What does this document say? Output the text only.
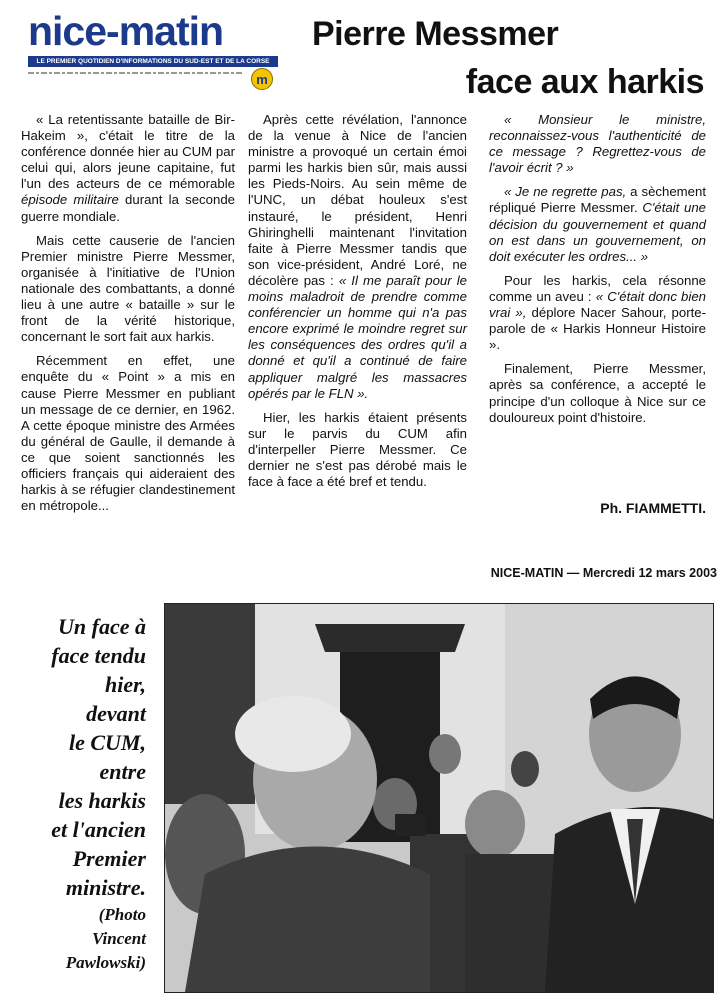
nice-matin
LE PREMIER QUOTIDIEN D'INFORMATIONS DU SUD-EST ET DE LA CORSE
m
Pierre Messmer
face aux harkis

« La retentissante bataille de Bir-Hakeim », c'était le titre de la conférence donnée hier au CUM par celui qui, alors jeune capitaine, fut l'un des acteurs de ce mémorable épisode militaire durant la seconde guerre mondiale.

Mais cette causerie de l'ancien Premier ministre Pierre Messmer, organisée à l'initiative de l'Union nationale des combattants, a donné lieu à une autre « bataille » sur le front de la vérité historique, concernant le sort fait aux harkis.

Récemment en effet, une enquête du « Point » a mis en cause Pierre Messmer en publiant un message de ce dernier, en 1962. A cette époque ministre des Armées du général de Gaulle, il demande à ce que soient sanctionnés les officiers français qui aideraient des harkis à se réfugier clandestinement en métropole...

Après cette révélation, l'annonce de la venue à Nice de l'ancien ministre a provoqué un certain émoi parmi les harkis bien sûr, mais aussi les Pieds-Noirs. Au sein même de l'UNC, un débat houleux s'est instauré, le président, Henri Ghiringhelli maintenant l'invitation faite à Pierre Messmer tandis que son vice-président, André Loré, ne décolère pas : « Il me paraît pour le moins maladroit de prendre comme conférencier un homme qui n'a pas encore exprimé le moindre regret sur les conséquences des ordres qu'il a donné et qu'il a continué de faire appliquer malgré les massacres opérés par le FLN ».

Hier, les harkis étaient présents sur le parvis du CUM afin d'interpeller Pierre Messmer. Ce dernier ne s'est pas dérobé mais le face à face a été bref et tendu.

« Monsieur le ministre, reconnaissez-vous l'authenticité de ce message ? Regrettez-vous de l'avoir écrit ? »

« Je ne regrette pas, a sèchement répliqué Pierre Messmer. C'était une décision du gouvernement et quand on est dans un gouvernement, on doit exécuter les ordres... »

Pour les harkis, cela résonne comme un aveu : « C'était donc bien vrai », déplore Nacer Sahour, porte-parole de « Harkis Honneur Histoire ».

Finalement, Pierre Messmer, après sa conférence, a accepté le principe d'un colloque à Nice sur ce douloureux point d'histoire.

Ph. FIAMMETTI.
NICE-MATIN — Mercredi 12 mars 2003
Un face à
face tendu
hier,
devant
le CUM,
entre
les harkis
et l'ancien
Premier
ministre.
(Photo
Vincent
Pawlowski)
